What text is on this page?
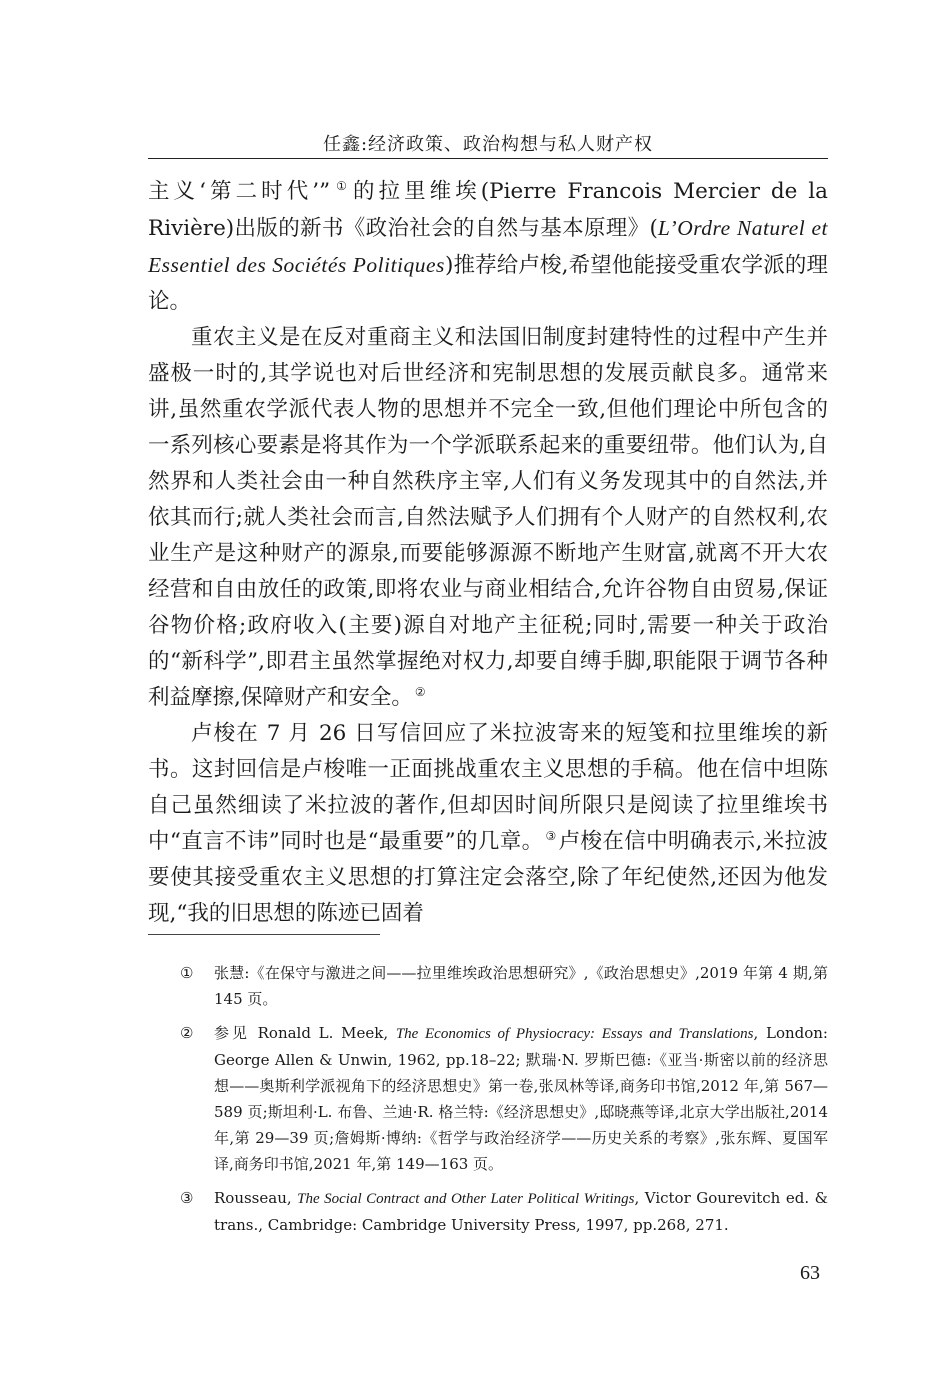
任鑫:经济政策、政治构想与私人财产权

主义‘第二时代’” ①的拉里维埃(Pierre Francois Mercier de la Rivière)出版的新书《政治社会的自然与基本原理》(L’Ordre Naturel et Essentiel des Sociétés Politiques)推荐给卢梭,希望他能接受重农学派的理论。

重农主义是在反对重商主义和法国旧制度封建特性的过程中产生并盛极一时的,其学说也对后世经济和宪制思想的发展贡献良多。通常来讲,虽然重农学派代表人物的思想并不完全一致,但他们理论中所包含的一系列核心要素是将其作为一个学派联系起来的重要纽带。他们认为,自然界和人类社会由一种自然秩序主宰,人们有义务发现其中的自然法,并依其而行;就人类社会而言,自然法赋予人们拥有个人财产的自然权利,农业生产是这种财产的源泉,而要能够源源不断地产生财富,就离不开大农经营和自由放任的政策,即将农业与商业相结合,允许谷物自由贸易,保证谷物价格;政府收入(主要)源自对地产主征税;同时,需要一种关于政治的“新科学”,即君主虽然掌握绝对权力,却要自缚手脚,职能限于调节各种利益摩擦,保障财产和安全。 ②

卢梭在 7 月 26 日写信回应了米拉波寄来的短笺和拉里维埃的新书。这封回信是卢梭唯一正面挑战重农主义思想的手稿。他在信中坦陈自己虽然细读了米拉波的著作,但却因时间所限只是阅读了拉里维埃书中“直言不讳”同时也是“最重要”的几章。 ③卢梭在信中明确表示,米拉波要使其接受重农主义思想的打算注定会落空,除了年纪使然,还因为他发现,“我的旧思想的陈迹已固着

① 张慧:《在保守与激进之间——拉里维埃政治思想研究》,《政治思想史》,2019 年第 4 期,第 145 页。
② 参见 Ronald L. Meek, The Economics of Physiocracy: Essays and Translations, London: George Allen & Unwin, 1962, pp.18–22; 默瑞·N. 罗斯巴德:《亚当·斯密以前的经济思想——奥斯利学派视角下的经济思想史》第一卷,张凤林等译,商务印书馆,2012 年,第 567—589 页;斯坦利·L. 布鲁、兰迪·R. 格兰特:《经济思想史》,邸晓燕等译,北京大学出版社,2014 年,第 29—39 页;詹姆斯·博纳:《哲学与政治经济学——历史关系的考察》,张东辉、夏国军译,商务印书馆,2021 年,第 149—163 页。
③ Rousseau, The Social Contract and Other Later Political Writings, Victor Gourevitch ed. & trans., Cambridge: Cambridge University Press, 1997, pp.268, 271.
63
